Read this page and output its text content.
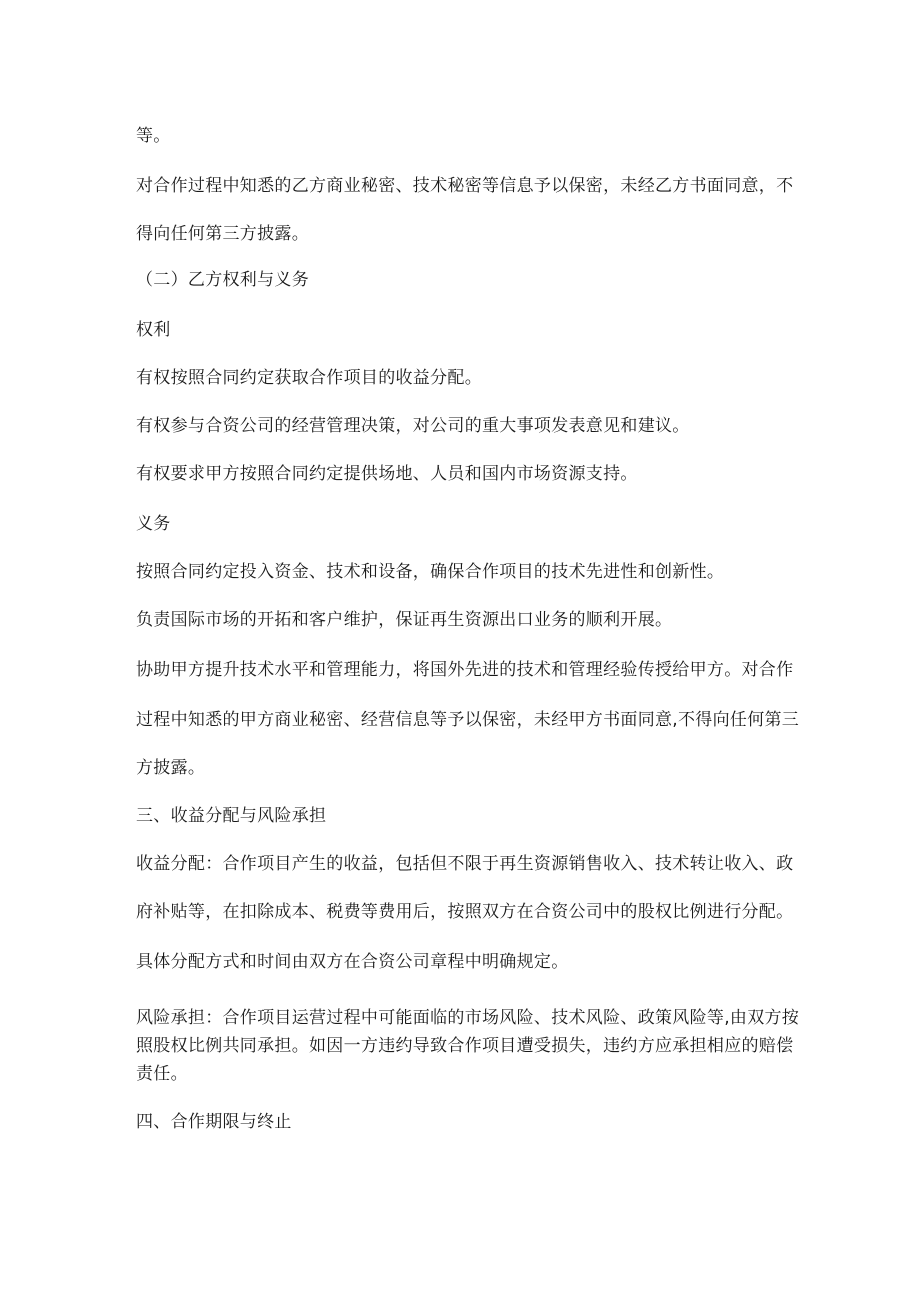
等。
对合作过程中知悉的乙方商业秘密、技术秘密等信息予以保密，未经乙方书面同意，不
得向任何第三方披露。
（二）乙方权利与义务
权利
有权按照合同约定获取合作项目的收益分配。
有权参与合资公司的经营管理决策，对公司的重大事项发表意见和建议。
有权要求甲方按照合同约定提供场地、人员和国内市场资源支持。
义务
按照合同约定投入资金、技术和设备，确保合作项目的技术先进性和创新性。
负责国际市场的开拓和客户维护，保证再生资源出口业务的顺利开展。
协助甲方提升技术水平和管理能力，将国外先进的技术和管理经验传授给甲方。对合作
过程中知悉的甲方商业秘密、经营信息等予以保密，未经甲方书面同意,不得向任何第三
方披露。
三、收益分配与风险承担
收益分配：合作项目产生的收益，包括但不限于再生资源销售收入、技术转让收入、政
府补贴等，在扣除成本、税费等费用后，按照双方在合资公司中的股权比例进行分配。
具体分配方式和时间由双方在合资公司章程中明确规定。
风险承担：合作项目运营过程中可能面临的市场风险、技术风险、政策风险等,由双方按
照股权比例共同承担。如因一方违约导致合作项目遭受损失，违约方应承担相应的赔偿
责任。
四、合作期限与终止
